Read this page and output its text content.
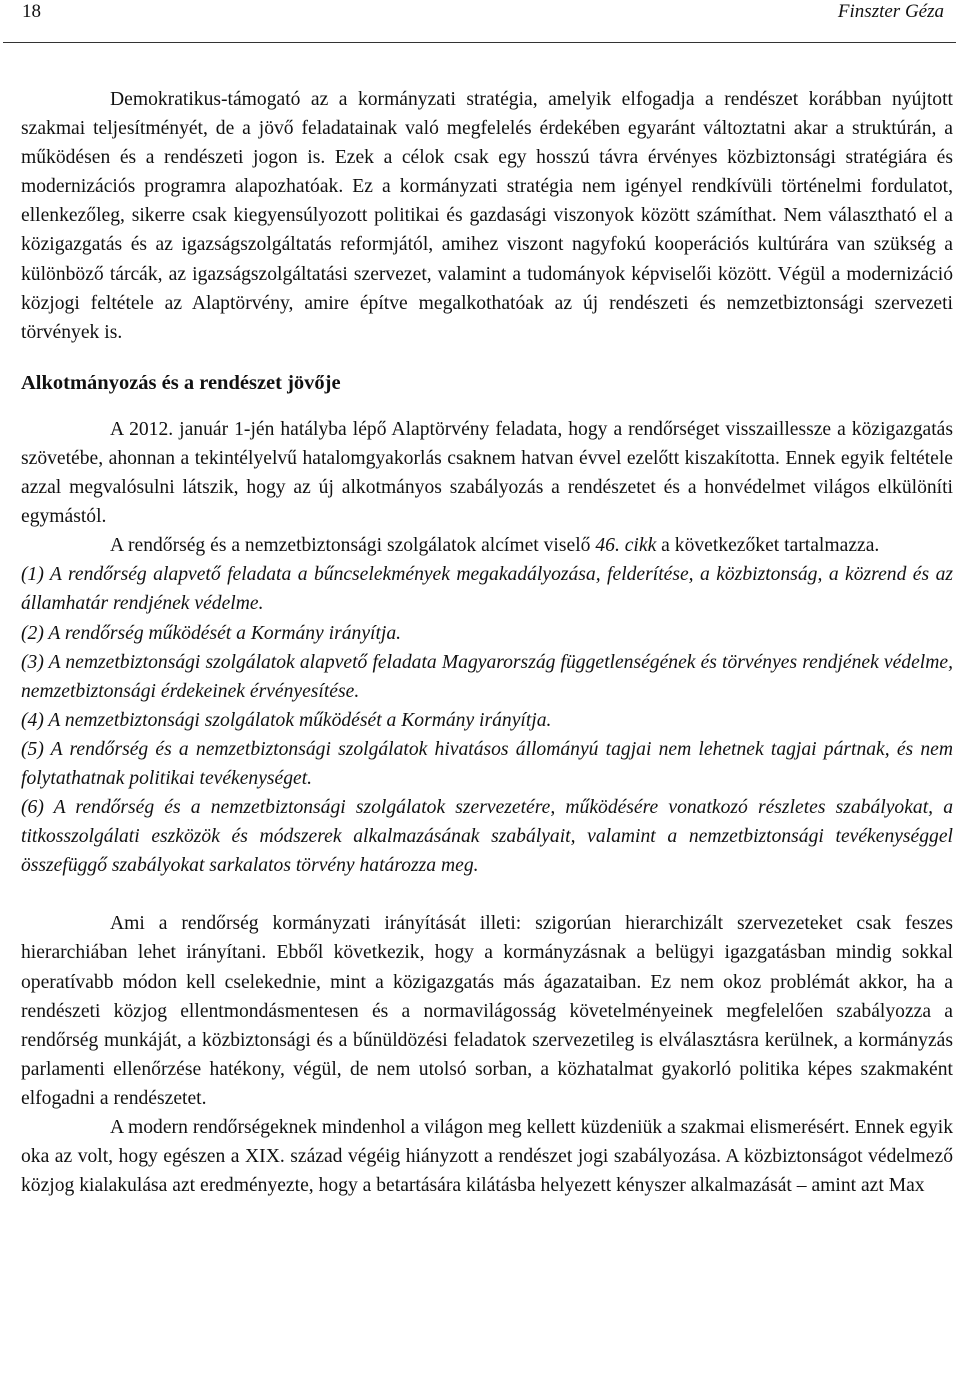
18	Finszter Géza

Demokratikus-támogató az a kormányzati stratégia, amelyik elfogadja a rendészet korábban nyújtott szakmai teljesítményét, de a jövő feladatainak való megfelelés érdekében egyaránt változtatni akar a struktúrán, a működésen és a rendészeti jogon is. Ezek a célok csak egy hosszú távra érvényes közbiztonsági stratégiára és modernizációs programra alapozhatóak. Ez a kormányzati stratégia nem igényel rendkívüli történelmi fordulatot, ellenkezőleg, sikerre csak kiegyensúlyozott politikai és gazdasági viszonyok között számíthat. Nem választható el a közigazgatás és az igazságszolgáltatás reformjától, amihez viszont nagyfokú kooperációs kultúrára van szükség a különböző tárcák, az igazságszolgáltatási szervezet, valamint a tudományok képviselői között. Végül a modernizáció közjogi feltétele az Alaptörvény, amire építve megalkothatóak az új rendészeti és nemzetbiztonsági szervezeti törvények is.

Alkotmányozás és a rendészet jövője

A 2012. január 1-jén hatályba lépő Alaptörvény feladata, hogy a rendőrséget visszaillessze a közigazgatás szövetébe, ahonnan a tekintélyelvű hatalomgyakorlás csaknem hatvan évvel ezelőtt kiszakította. Ennek egyik feltétele azzal megvalósulni látszik, hogy az új alkotmányos szabályozás a rendészetet és a honvédelmet világos elkülöníti egymástól.

A rendőrség és a nemzetbiztonsági szolgálatok alcímet viselő 46. cikk a következőket tartalmazza.

(1) A rendőrség alapvető feladata a bűncselekmények megakadályozása, felderítése, a közbiztonság, a közrend és az államhatár rendjének védelme.

(2) A rendőrség működését a Kormány irányítja.

(3) A nemzetbiztonsági szolgálatok alapvető feladata Magyarország függetlenségének és törvényes rendjének védelme, nemzetbiztonsági érdekeinek érvényesítése.

(4) A nemzetbiztonsági szolgálatok működését a Kormány irányítja.

(5) A rendőrség és a nemzetbiztonsági szolgálatok hivatásos állományú tagjai nem lehetnek tagjai pártnak, és nem folytathatnak politikai tevékenységet.

(6) A rendőrség és a nemzetbiztonsági szolgálatok szervezetére, működésére vonatkozó részletes szabályokat, a titkosszolgálati eszközök és módszerek alkalmazásának szabályait, valamint a nemzetbiztonsági tevékenységgel összefüggő szabályokat sarkalatos törvény határozza meg.

Ami a rendőrség kormányzati irányítását illeti: szigorúan hierarchizált szervezeteket csak feszes hierarchiában lehet irányítani. Ebből következik, hogy a kormányzásnak a belügyi igazgatásban mindig sokkal operatívabb módon kell cselekednie, mint a közigazgatás más ágazataiban. Ez nem okoz problémát akkor, ha a rendészeti közjog ellentmondásmentesen és a normavilágosság követelményeinek megfelelően szabályozza a rendőrség munkáját, a közbiztonsági és a bűnüldözési feladatok szervezetileg is elválasztásra kerülnek, a kormányzás parlamenti ellenőrzése hatékony, végül, de nem utolsó sorban, a közhatalmat gyakorló politika képes szakmaként elfogadni a rendészetet.

A modern rendőrségeknek mindenhol a világon meg kellett küzdeniük a szakmai elismerésért. Ennek egyik oka az volt, hogy egészen a XIX. század végéig hiányzott a rendészet jogi szabályozása. A közbiztonságot védelmező közjog kialakulása azt eredményezte, hogy a betartására kilátásba helyezett kényszer alkalmazását – amint azt Max
